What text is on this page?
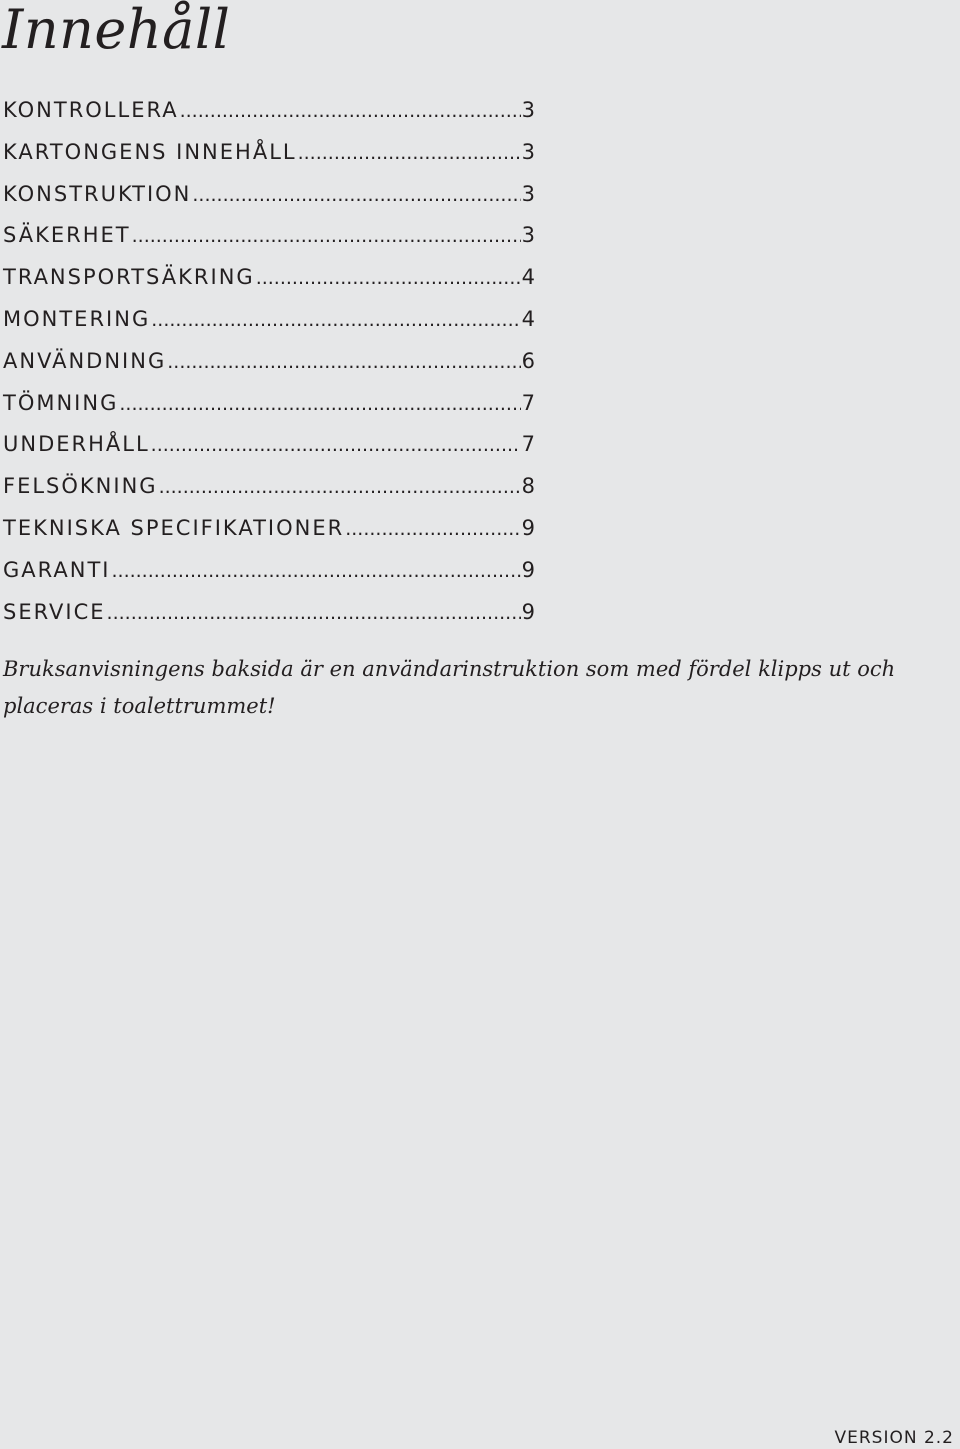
Innehåll
KONTROLLERA .....	3
KARTONGENS INNEHÅLL .....	3
KONSTRUKTION .....	3
SÄKERHET .....	3
TRANSPORTSÄKRING .....	4
MONTERING .....	4
ANVÄNDNING .....	6
TÖMNING .....	7
UNDERHÅLL .....	7
FELSÖKNING .....	8
TEKNISKA SPECIFIKATIONER .....	9
GARANTI .....	9
SERVICE .....	9

Bruksanvisningens baksida är en användarinstruktion som med fördel klipps ut och placeras i toalettrummet!

VERSION 2.2
